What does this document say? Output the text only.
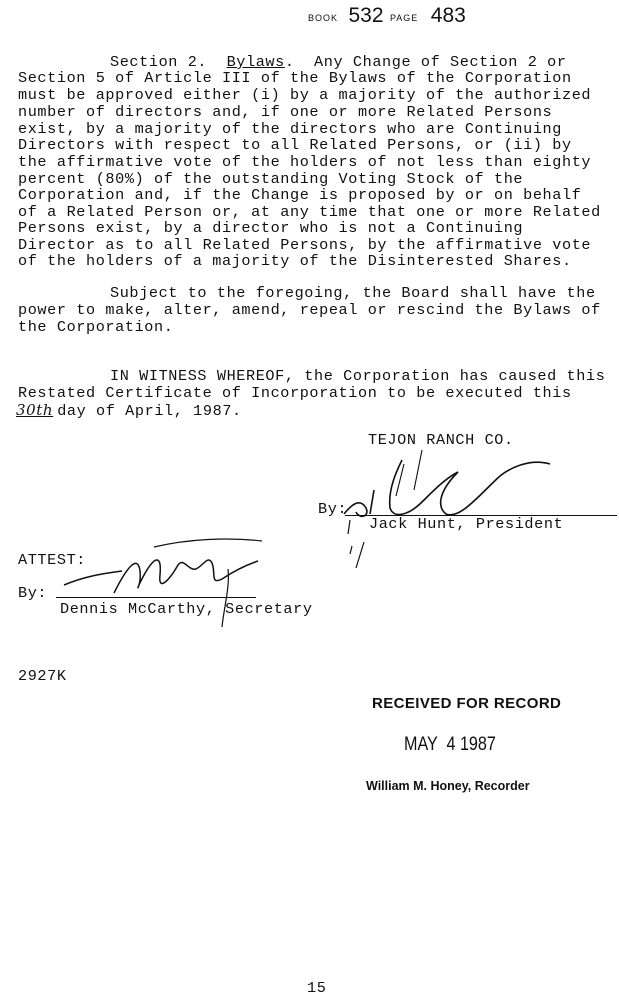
BOOK 532 PAGE 483
Section 2. Bylaws. Any Change of Section 2 or
Section 5 of Article III of the Bylaws of the Corporation
must be approved either (i) by a majority of the authorized
number of directors and, if one or more Related Persons
exist, by a majority of the directors who are Continuing
Directors with respect to all Related Persons, or (ii) by
the affirmative vote of the holders of not less than eighty
percent (80%) of the outstanding Voting Stock of the
Corporation and, if the Change is proposed by or on behalf
of a Related Person or, at any time that one or more Related
Persons exist, by a director who is not a Continuing
Director as to all Related Persons, by the affirmative vote
of the holders of a majority of the Disinterested Shares.
Subject to the foregoing, the Board shall have the
power to make, alter, amend, repeal or rescind the Bylaws of
the Corporation.
IN WITNESS WHEREOF, the Corporation has caused this
Restated Certificate of Incorporation to be executed this
30th day of April, 1987.
TEJON RANCH CO.
By:
Jack Hunt, President
ATTEST:
By:
Dennis McCarthy, Secretary
2927K
RECEIVED FOR RECORD
MAY  4 1987
William M. Honey, Recorder
15
